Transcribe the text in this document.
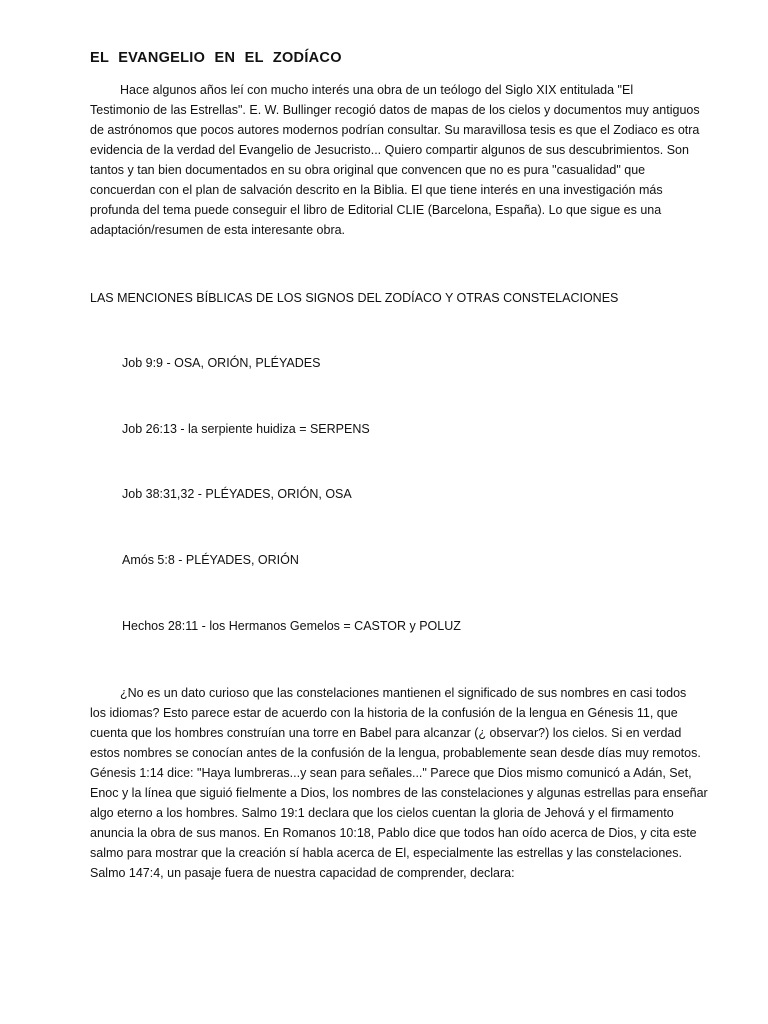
EL EVANGELIO EN EL ZODÍACO

Hace algunos años leí con mucho interés una obra de un teólogo del Siglo XIX entitulada "El
Testimonio de las Estrellas". E. W. Bullinger recogió datos de mapas de los cielos y documentos muy antiguos
de astrónomos que pocos autores modernos podrían consultar. Su maravillosa tesis es que el Zodiaco es otra
evidencia de la verdad del Evangelio de Jesucristo... Quiero compartir algunos de sus descubrimientos. Son
tantos y tan bien documentados en su obra original que convencen que no es pura "casualidad" que
concuerdan con el plan de salvación descrito en la Biblia. El que tiene interés en una investigación más
profunda del tema puede conseguir el libro de Editorial CLIE (Barcelona, España). Lo que sigue es una
adaptación/resumen de esta interesante obra.

LAS MENCIONES BÍBLICAS DE LOS SIGNOS DEL ZODÍACO Y OTRAS CONSTELACIONES
Job 9:9 - OSA, ORIÓN, PLÉYADES
Job 26:13 - la serpiente huidiza = SERPENS
Job 38:31,32 - PLÉYADES, ORIÓN, OSA
Amós 5:8 - PLÉYADES, ORIÓN
Hechos 28:11 - los Hermanos Gemelos = CASTOR y POLUZ

¿No es un dato curioso que las constelaciones mantienen el significado de sus nombres en casi todos
los idiomas? Esto parece estar de acuerdo con la historia de la confusión de la lengua en Génesis 11, que
cuenta que los hombres construían una torre en Babel para alcanzar (¿ observar?) los cielos. Si en verdad
estos nombres se conocían antes de la confusión de la lengua, probablemente sean desde días muy remotos.
Génesis 1:14 dice: "Haya lumbreras...y sean para señales..." Parece que Dios mismo comunicó a Adán, Set,
Enoc y la línea que siguió fielmente a Dios, los nombres de las constelaciones y algunas estrellas para enseñar
algo eterno a los hombres. Salmo 19:1 declara que los cielos cuentan la gloria de Jehová y el firmamento
anuncia la obra de sus manos. En Romanos 10:18, Pablo dice que todos han oído acerca de Dios, y cita este
salmo para mostrar que la creación sí habla acerca de El, especialmente las estrellas y las constelaciones.
Salmo 147:4, un pasaje fuera de nuestra capacidad de comprender, declara:
